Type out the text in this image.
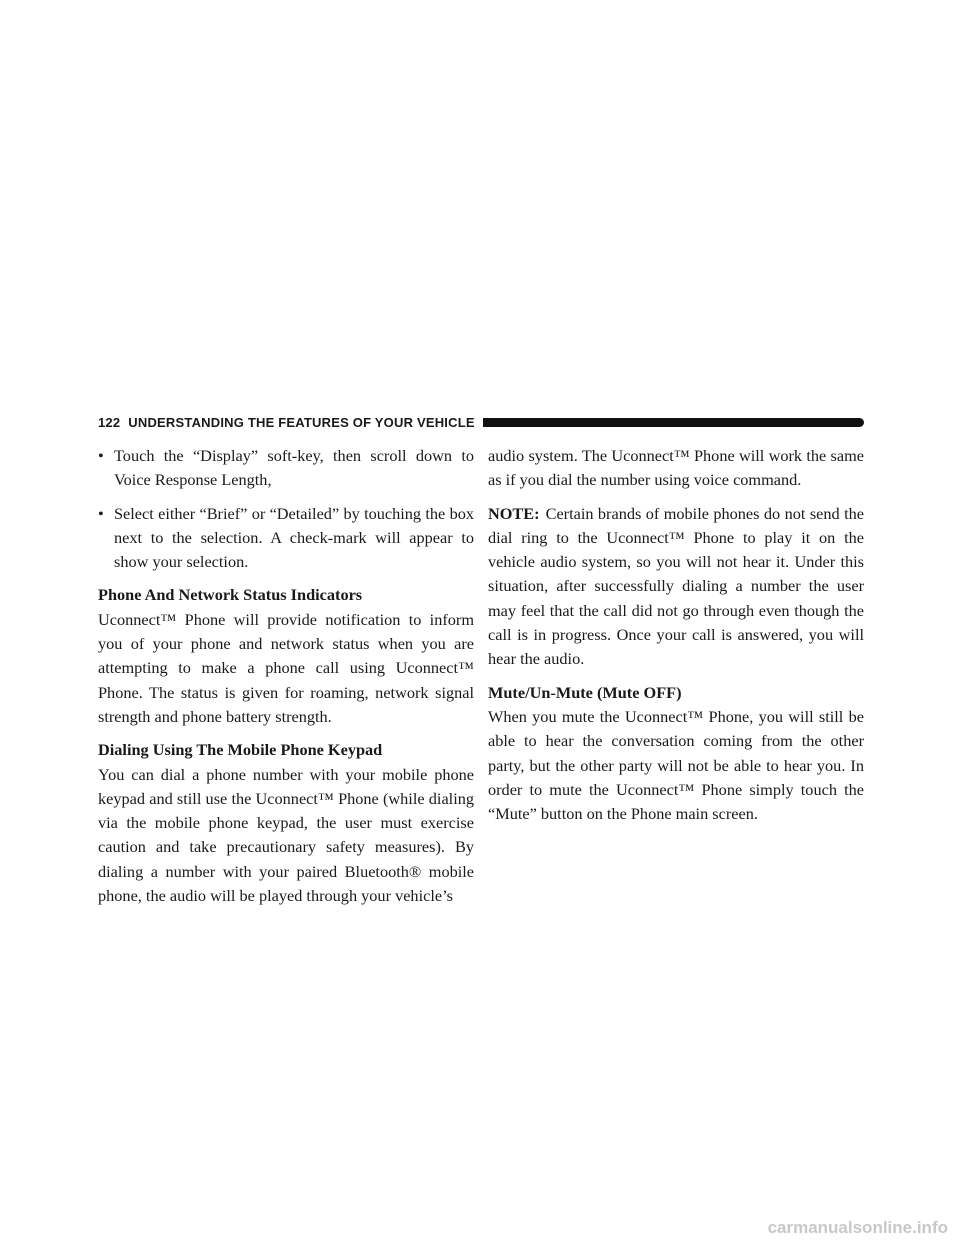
122 UNDERSTANDING THE FEATURES OF YOUR VEHICLE
• Touch the “Display” soft-key, then scroll down to Voice Response Length,
• Select either “Brief” or “Detailed” by touching the box next to the selection. A check-mark will appear to show your selection.
Phone And Network Status Indicators

Uconnect™ Phone will provide notification to inform you of your phone and network status when you are attempting to make a phone call using Uconnect™ Phone. The status is given for roaming, network signal strength and phone battery strength.

Dialing Using The Mobile Phone Keypad

You can dial a phone number with your mobile phone keypad and still use the Uconnect™ Phone (while dialing via the mobile phone keypad, the user must exercise caution and take precautionary safety measures). By dialing a number with your paired Bluetooth® mobile phone, the audio will be played through your vehicle’s

audio system. The Uconnect™ Phone will work the same as if you dial the number using voice command.

NOTE: Certain brands of mobile phones do not send the dial ring to the Uconnect™ Phone to play it on the vehicle audio system, so you will not hear it. Under this situation, after successfully dialing a number the user may feel that the call did not go through even though the call is in progress. Once your call is answered, you will hear the audio.

Mute/Un-Mute (Mute OFF)

When you mute the Uconnect™ Phone, you will still be able to hear the conversation coming from the other party, but the other party will not be able to hear you. In order to mute the Uconnect™ Phone simply touch the “Mute” button on the Phone main screen.

carmanualsonline.info
